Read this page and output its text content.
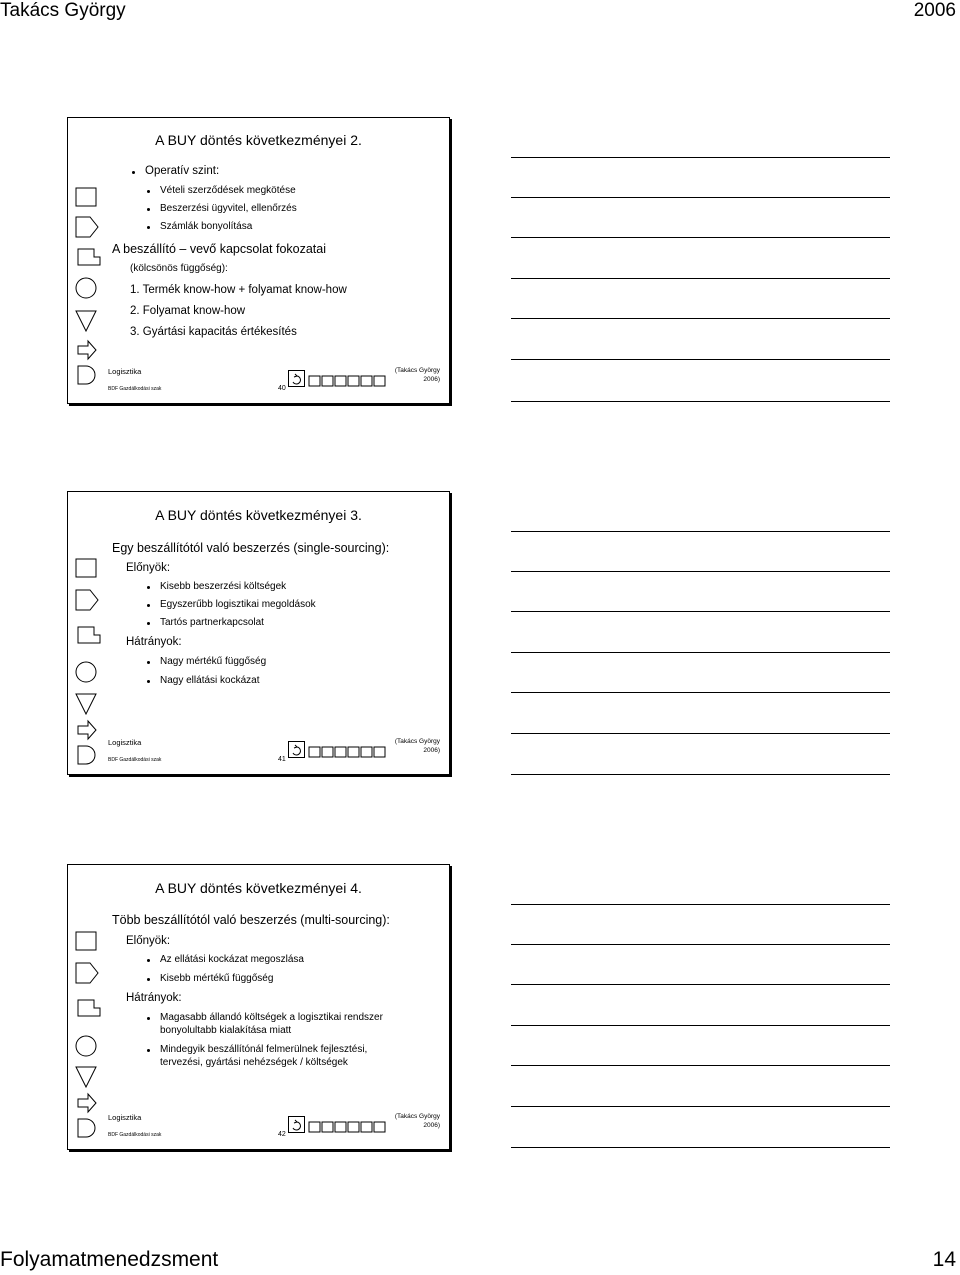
Takács György	2006
A BUY döntés következményei 2.
Operatív szint:
Vételi szerződések megkötése
Beszerzési ügyvitel, ellenőrzés
Számlák bonyolítása
A beszállító – vevő kapcsolat fokozatai
(kölcsönös függőség):
1. Termék know-how + folyamat know-how
2. Folyamat know-how
3. Gyártási kapacitás értékesítés
Logisztika
BDF Gazdálkodási szak	40
(Takács György
2006)
A BUY döntés következményei 3.
Egy beszállítótól való beszerzés (single-sourcing):
Előnyök:
Kisebb beszerzési költségek
Egyszerűbb logisztikai megoldások
Tartós partnerkapcsolat
Hátrányok:
Nagy mértékű függőség
Nagy ellátási kockázat
Logisztika
BDF Gazdálkodási szak	41
(Takács György
2006)
A BUY döntés következményei 4.
Több beszállítótól való beszerzés (multi-sourcing):
Előnyök:
Az ellátási kockázat megoszlása
Kisebb mértékű függőség
Hátrányok:
Magasabb állandó költségek a logisztikai rendszer
bonyolultabb kialakítása miatt
Mindegyik beszállítónál felmerülnek fejlesztési,
tervezési, gyártási nehézségek / költségek
Logisztika
BDF Gazdálkodási szak	42
(Takács György
2006)
Folyamatmenedzsment	14
